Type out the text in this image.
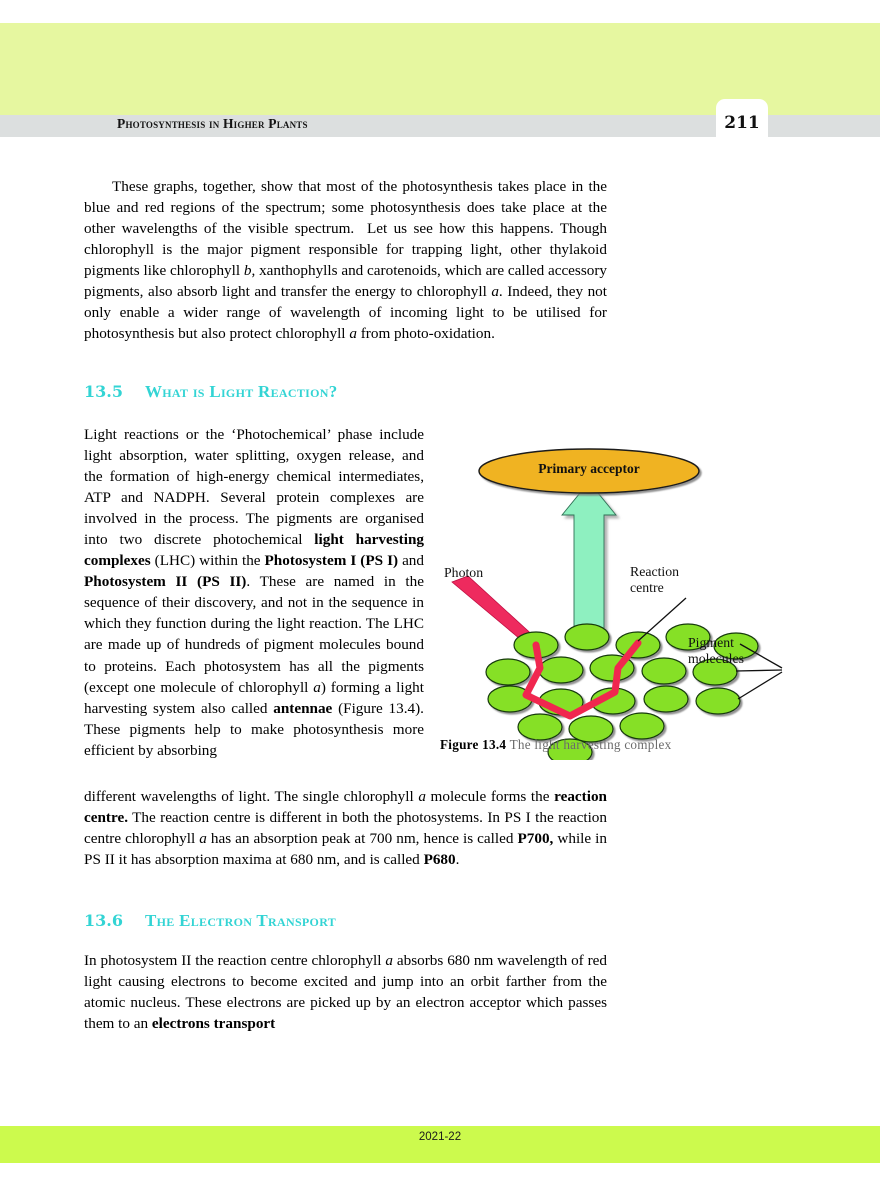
Photosynthesis in Higher Plants	211
These graphs, together, show that most of the photosynthesis takes place in the blue and red regions of the spectrum; some photosynthesis does take place at the other wavelengths of the visible spectrum.  Let us see how this happens. Though chlorophyll is the major pigment responsible for trapping light, other thylakoid pigments like chlorophyll b, xanthophylls and carotenoids, which are called accessory pigments, also absorb light and transfer the energy to chlorophyll a. Indeed, they not only enable a wider range of wavelength of incoming light to be utilised for photosynthesis but also protect chlorophyll a from photo-oxidation.
13.5 What is Light Reaction?
Light reactions or the ‘Photochemical’ phase include light absorption, water splitting, oxygen release, and the formation of high-energy chemical intermediates, ATP and NADPH. Several protein complexes are involved in the process. The pigments are organised into two discrete photochemical light harvesting complexes (LHC) within the Photosystem I (PS I) and Photosystem II (PS II). These are named in the sequence of their discovery, and not in the sequence in which they function during the light reaction. The LHC are made up of hundreds of pigment molecules bound to proteins. Each photosystem has all the pigments (except one molecule of chlorophyll a) forming a light harvesting system also called antennae (Figure 13.4). These pigments help to make photosynthesis more efficient by absorbing
Primary acceptor
Photon	Reaction
centre
Pigment
molecules
Figure 13.4 The light harvesting complex
different wavelengths of light. The single chlorophyll a molecule forms the reaction centre. The reaction centre is different in both the photosystems. In PS I the reaction centre chlorophyll a has an absorption peak at 700 nm, hence is called P700, while in PS II it has absorption maxima at 680 nm, and is called P680.
13.6 The Electron Transport
In photosystem II the reaction centre chlorophyll a absorbs 680 nm wavelength of red light causing electrons to become excited and jump into an orbit farther from the atomic nucleus. These electrons are picked up by an electron acceptor which passes them to an electrons transport
2021-22
